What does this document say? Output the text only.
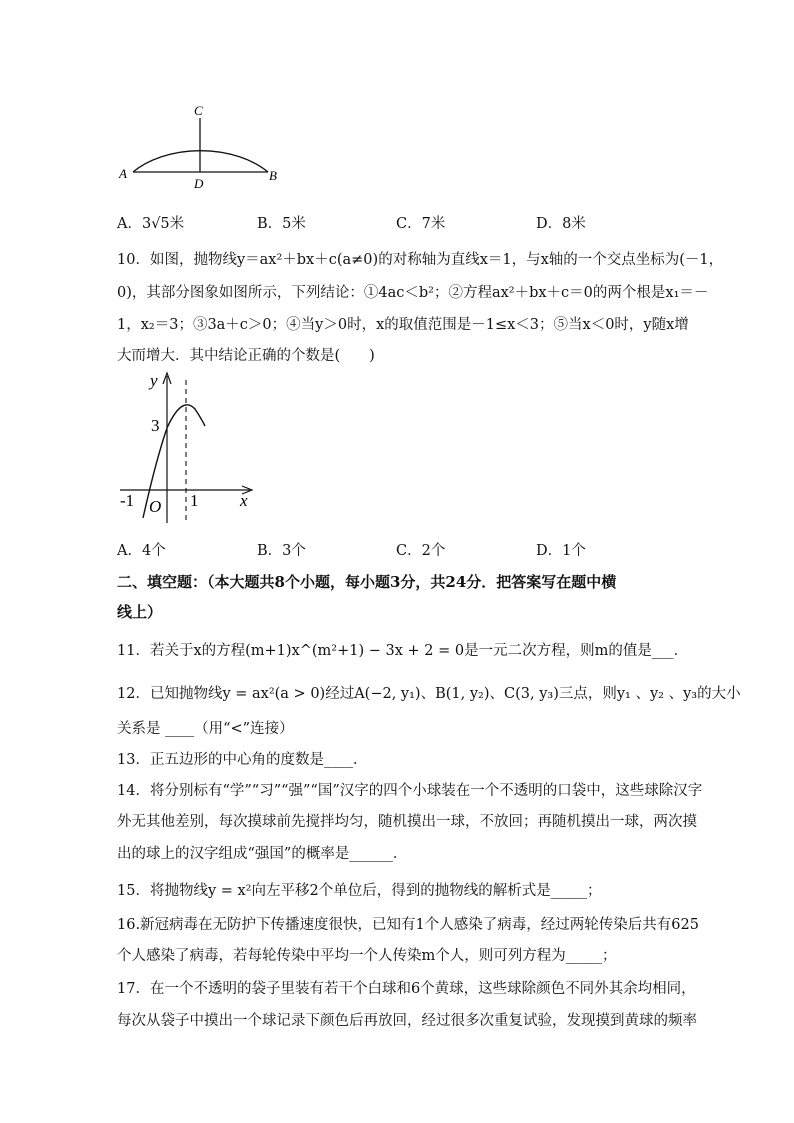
C
A	B
D
A．3√5米	B．5米	C．7米	D．8米
10．如图，抛物线y＝ax²＋bx＋c(a≠0)的对称轴为直线x＝1，与x轴的一个交点坐标为(－1，
0)，其部分图象如图所示，下列结论：①4ac＜b²；②方程ax²＋bx＋c＝0的两个根是x₁＝－
1，x₂＝3；③3a＋c＞0；④当y＞0时，x的取值范围是－1≤x＜3；⑤当x＜0时，y随x增
大而增大．其中结论正确的个数是(　　)
y
x
3
-1 O 1
A．4个	B．3个	C．2个	D．1个
二、填空题：（本大题共8个小题，每小题3分，共24分．把答案写在题中横
线上）
11．若关于x的方程(m+1)x^(m²+1) − 3x + 2 = 0是一元二次方程，则m的值是___．
12．已知抛物线y = ax²(a > 0)经过A(−2, y₁)、B(1, y₂)、C(3, y₃)三点，则y₁ 、y₂ 、y₃的大小
关系是 ____（用“<”连接）
13．正五边形的中心角的度数是____．
14．将分别标有“学”“习”“强”“国”汉字的四个小球装在一个不透明的口袋中，这些球除汉字
外无其他差别，每次摸球前先搅拌均匀，随机摸出一球，不放回；再随机摸出一球，两次摸
出的球上的汉字组成“强国”的概率是______．
15．将抛物线y = x²向左平移2个单位后，得到的抛物线的解析式是_____；
16.新冠病毒在无防护下传播速度很快，已知有1个人感染了病毒，经过两轮传染后共有625
个人感染了病毒，若每轮传染中平均一个人传染m个人，则可列方程为_____；
17．在一个不透明的袋子里装有若干个白球和6个黄球，这些球除颜色不同外其余均相同，
每次从袋子中摸出一个球记录下颜色后再放回，经过很多次重复试验，发现摸到黄球的频率
